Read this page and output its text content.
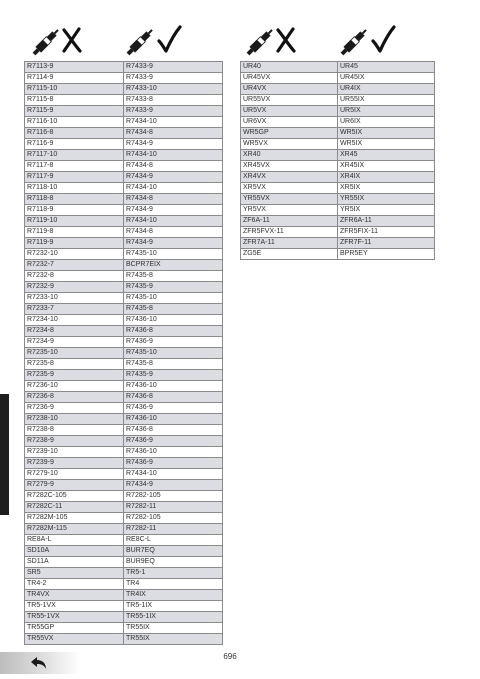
R7113-9	R7433-9
R7114-9	R7433-9
R7115-10	R7433-10
R7115-8	R7433-8
R7115-9	R7433-9
R7116-10	R7434-10
R7116-8	R7434-8
R7116-9	R7434-9
R7117-10	R7434-10
R7117-8	R7434-8
R7117-9	R7434-9
R7118-10	R7434-10
R7118-8	R7434-8
R7118-9	R7434-9
R7119-10	R7434-10
R7119-8	R7434-8
R7119-9	R7434-9
R7232-10	R7435-10
R7232-7	BCPR7EIX
R7232-8	R7435-8
R7232-9	R7435-9
R7233-10	R7435-10
R7233-7	R7435-8
R7234-10	R7436-10
R7234-8	R7436-8
R7234-9	R7436-9
R7235-10	R7435-10
R7235-8	R7435-8
R7235-9	R7435-9
R7236-10	R7436-10
R7236-8	R7436-8
R7236-9	R7436-9
R7238-10	R7436-10
R7238-8	R7436-8
R7238-9	R7436-9
R7239-10	R7436-10
R7239-9	R7436-9
R7279-10	R7434-10
R7279-9	R7434-9
R7282C-105	R7282-105
R7282C-11	R7282-11
R7282M-105	R7282-105
R7282M-115	R7282-11
RE8A-L	RE8C-L
SD10A	BUR7EQ
SD11A	BUR9EQ
SR5	TR5-1
TR4-2	TR4
TR4VX	TR4IX
TR5-1VX	TR5-1IX
TR55-1VX	TR55-1IX
TR55GP	TR55IX
TR55VX	TR55IX
UR40	UR45
UR45VX	UR45IX
UR4VX	UR4IX
UR55VX	UR55IX
UR5VX	UR5IX
UR6VX	UR6IX
WR5GP	WR5IX
WR5VX	WR5IX
XR40	XR45
XR45VX	XR45IX
XR4VX	XR4IX
XR5VX	XR5IX
YR55VX	YR55IX
YR5VX	YR5IX
ZF6A-11	ZFR6A-11
ZFR5FVX-11	ZFR5FIX-11
ZFR7A-11	ZFR7F-11
ZG5E	BPR5EY
696
